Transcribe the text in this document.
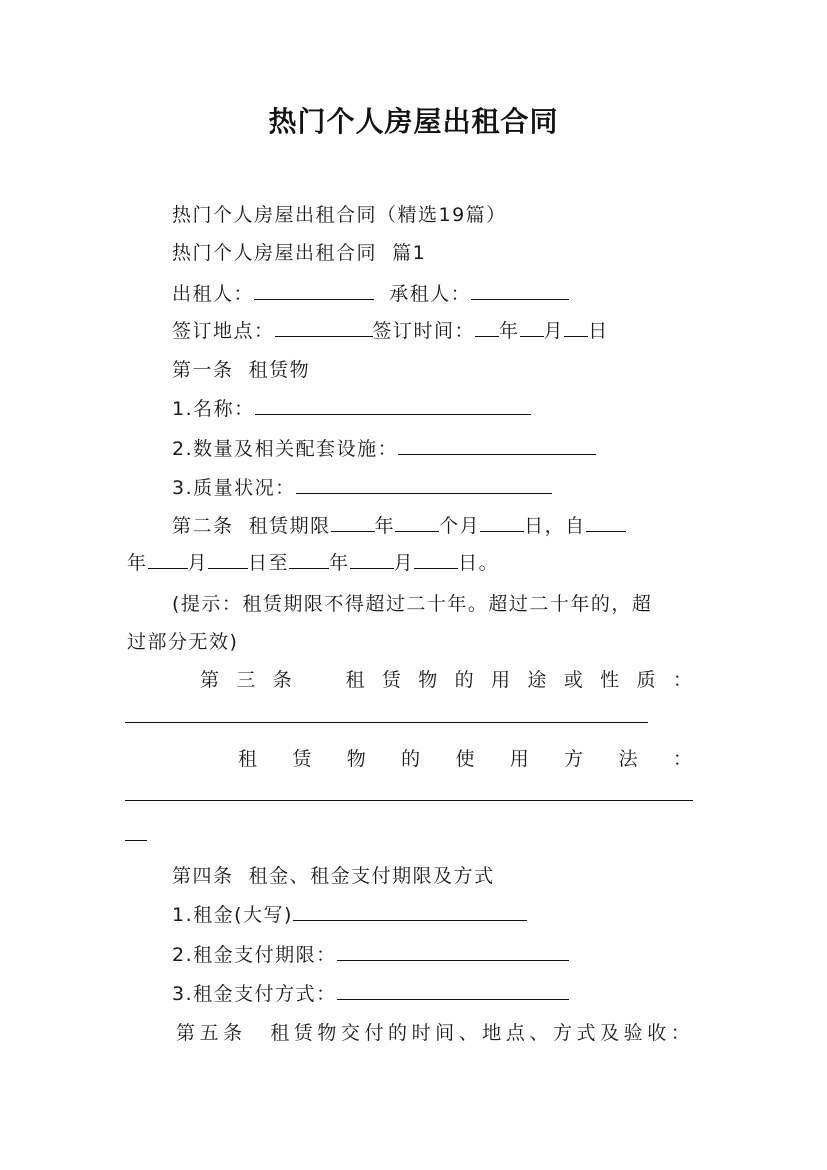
热门个人房屋出租合同
热门个人房屋出租合同（精选19篇）
热门个人房屋出租合同  篇1
出租人：	承租人：
签订地点：	签订时间： 年 月 日
第一条  租赁物
1.名称：
2.数量及相关配套设施：
3.质量状况：
第二条  租赁期限 年 个月 日，自
年 月 日至 年 月 日。
(提示：租赁期限不得超过二十年。超过二十年的，超
过部分无效)
第 三 条
 	租 赁 物 的 用 途 或 性 质 ：
租 赁 物 的 使 用 方 法 ：
第四条  租金、租金支付期限及方式
1.租金(大写)
2.租金支付期限：
3.租金支付方式：
第 五 条
  租 赁 物 交 付 的 时 间 、 地 点 、 方 式 及 验 收 ：
